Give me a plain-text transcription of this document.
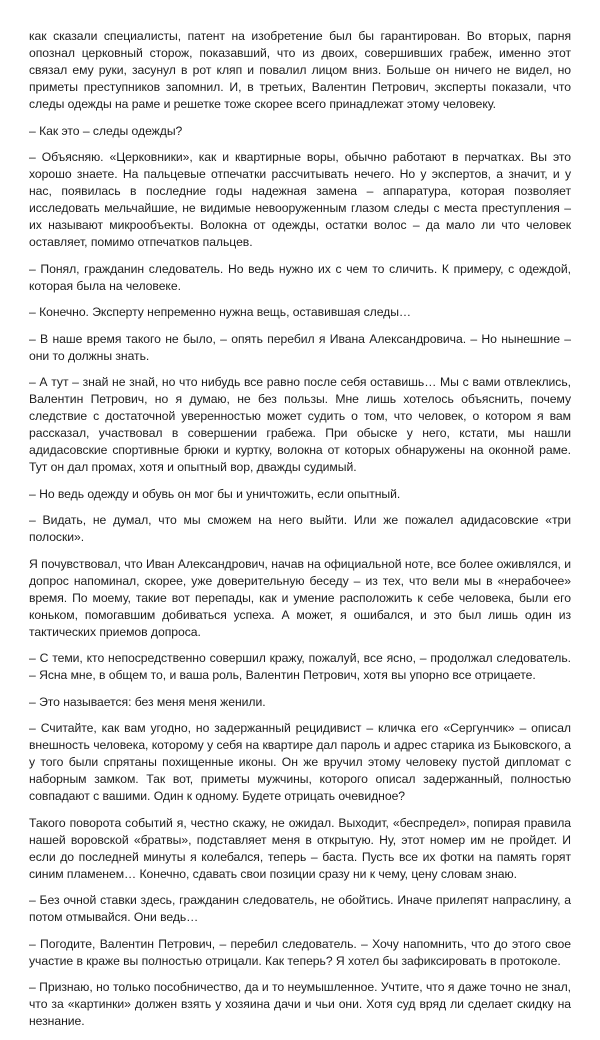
как сказали специалисты, патент на изобретение был бы гарантирован. Во вторых, парня опознал церковный сторож, показавший, что из двоих, совершивших грабеж, именно этот связал ему руки, засунул в рот кляп и повалил лицом вниз. Больше он ничего не видел, но приметы преступников запомнил. И, в третьих, Валентин Петрович, эксперты показали, что следы одежды на раме и решетке тоже скорее всего принадлежат этому человеку.

– Как это – следы одежды?

– Объясняю. «Церковники», как и квартирные воры, обычно работают в перчатках. Вы это хорошо знаете. На пальцевые отпечатки рассчитывать нечего. Но у экспертов, а значит, и у нас, появилась в последние годы надежная замена – аппаратура, которая позволяет исследовать мельчайшие, не видимые невооруженным глазом следы с места преступления – их называют микрообъекты. Волокна от одежды, остатки волос – да мало ли что человек оставляет, помимо отпечатков пальцев.

– Понял, гражданин следователь. Но ведь нужно их с чем то сличить. К примеру, с одеждой, которая была на человеке.

– Конечно. Эксперту непременно нужна вещь, оставившая следы…

– В наше время такого не было, – опять перебил я Ивана Александровича. – Но нынешние – они то должны знать.

– А тут – знай не знай, но что нибудь все равно после себя оставишь… Мы с вами отвлеклись, Валентин Петрович, но я думаю, не без пользы. Мне лишь хотелось объяснить, почему следствие с достаточной уверенностью может судить о том, что человек, о котором я вам рассказал, участвовал в совершении грабежа. При обыске у него, кстати, мы нашли адидасовские спортивные брюки и куртку, волокна от которых обнаружены на оконной раме. Тут он дал промах, хотя и опытный вор, дважды судимый.

– Но ведь одежду и обувь он мог бы и уничтожить, если опытный.

– Видать, не думал, что мы сможем на него выйти. Или же пожалел адидасовские «три полоски».

Я почувствовал, что Иван Александрович, начав на официальной ноте, все более оживлялся, и допрос напоминал, скорее, уже доверительную беседу – из тех, что вели мы в «нерабочее» время. По моему, такие вот перепады, как и умение расположить к себе человека, были его коньком, помогавшим добиваться успеха. А может, я ошибался, и это был лишь один из тактических приемов допроса.

– С теми, кто непосредственно совершил кражу, пожалуй, все ясно, – продолжал следователь. – Ясна мне, в общем то, и ваша роль, Валентин Петрович, хотя вы упорно все отрицаете.

– Это называется: без меня меня женили.

– Считайте, как вам угодно, но задержанный рецидивист – кличка его «Сергунчик» – описал внешность человека, которому у себя на квартире дал пароль и адрес старика из Быковского, а у того были спрятаны похищенные иконы. Он же вручил этому человеку пустой дипломат с наборным замком. Так вот, приметы мужчины, которого описал задержанный, полностью совпадают с вашими. Один к одному. Будете отрицать очевидное?

Такого поворота событий я, честно скажу, не ожидал. Выходит, «беспредел», попирая правила нашей воровской «братвы», подставляет меня в открытую. Ну, этот номер им не пройдет. И если до последней минуты я колебался, теперь – баста. Пусть все их фотки на память горят синим пламенем… Конечно, сдавать свои позиции сразу ни к чему, цену словам знаю.

– Без очной ставки здесь, гражданин следователь, не обойтись. Иначе прилепят напраслину, а потом отмывайся. Они ведь…

– Погодите, Валентин Петрович, – перебил следователь. – Хочу напомнить, что до этого свое участие в краже вы полностью отрицали. Как теперь? Я хотел бы зафиксировать в протоколе.

– Признаю, но только пособничество, да и то неумышленное. Учтите, что я даже точно не знал, что за «картинки» должен взять у хозяина дачи и чьи они. Хотя суд вряд ли сделает скидку на незнание.
